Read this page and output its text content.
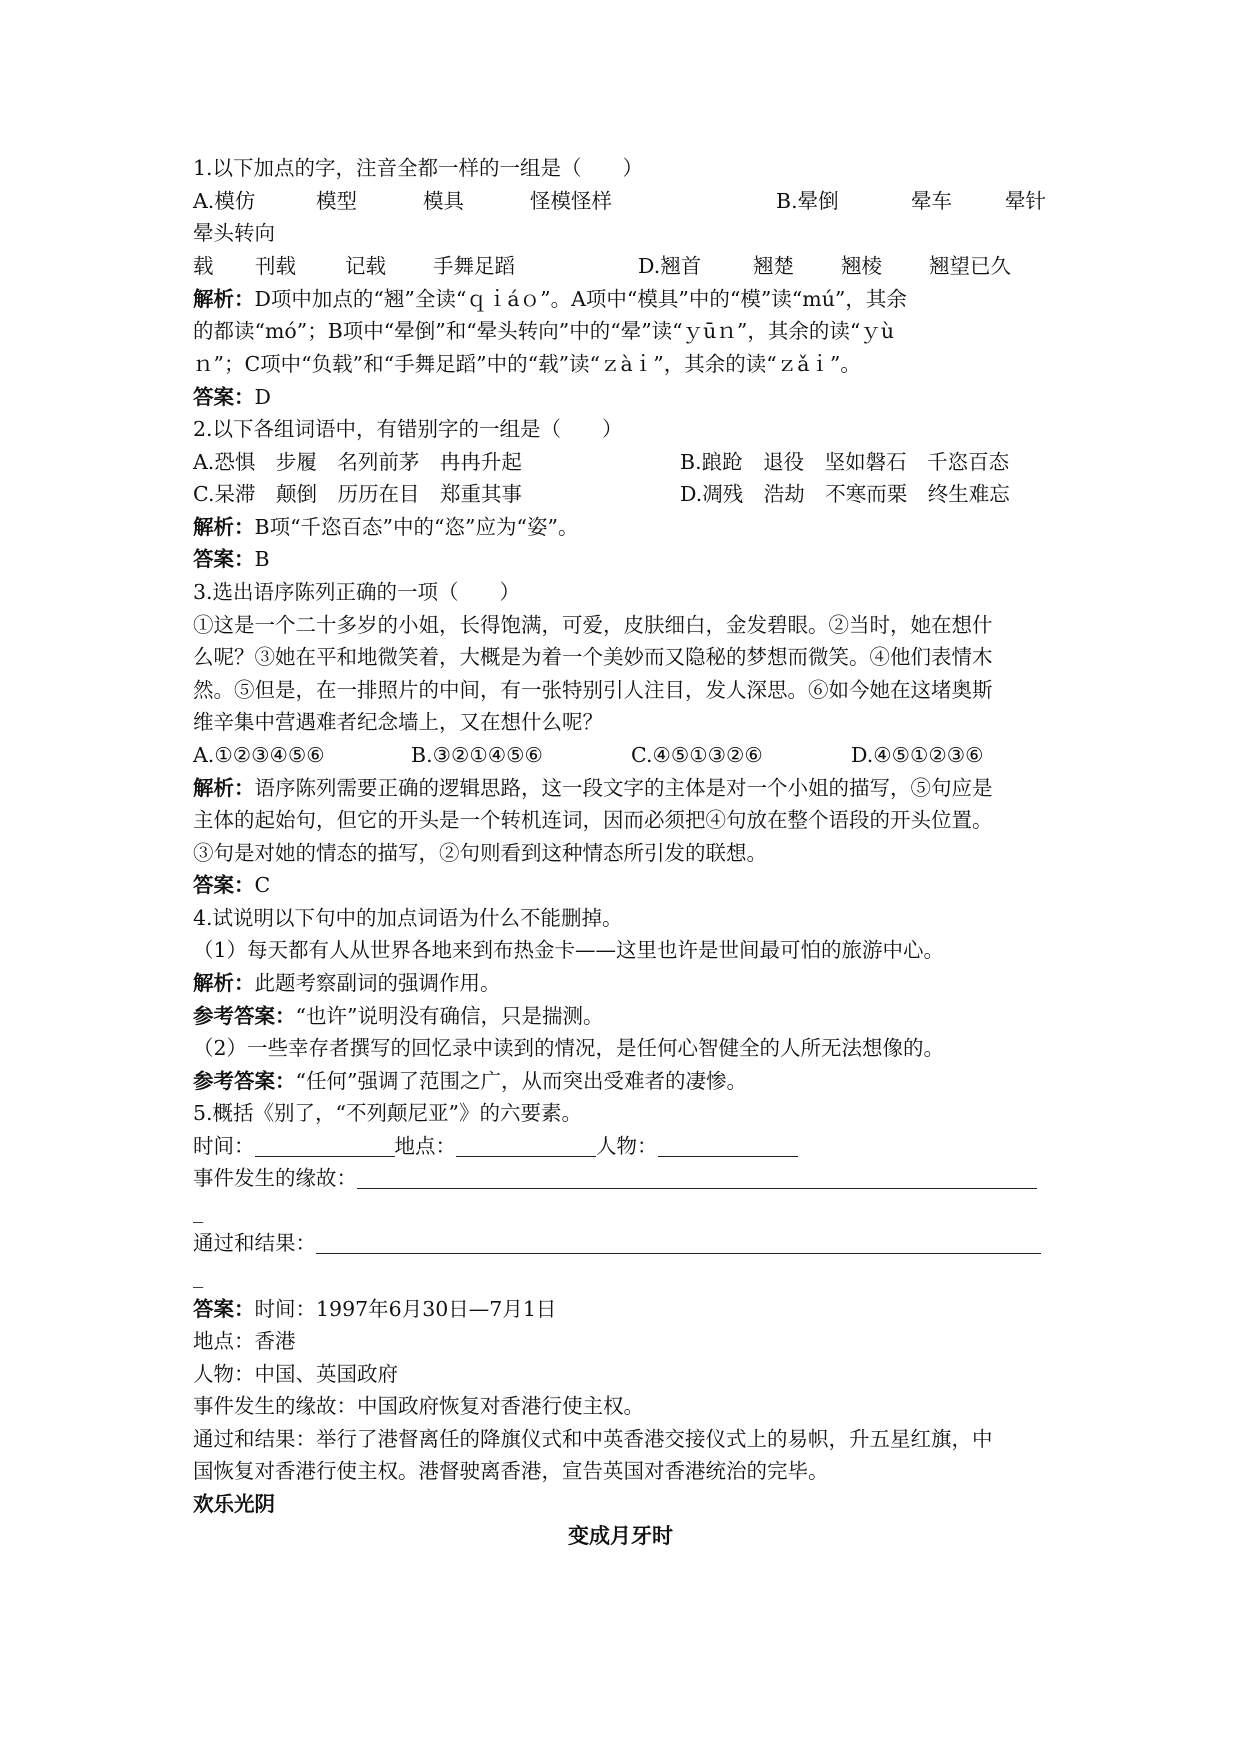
1.以下加点的字，注音全都一样的一组是（　　）
A.模仿	模型	模具	怪模怪样	B.晕倒	晕车	晕针
晕头转向
载 刊载 记载 手舞足蹈	D.翘首	翘楚 翘棱 翘望已久
解析：D项中加点的“翘”全读“ｑｉáｏ”。A项中“模具”中的“模”读“mú”，其余
的都读“mó”；B项中“晕倒”和“晕头转向”中的“晕”读“ｙūｎ”，其余的读“ｙù
ｎ”；C项中“负载”和“手舞足蹈”中的“载”读“ｚàｉ”，其余的读“ｚǎｉ”。
答案：D
2.以下各组词语中，有错别字的一组是（　　）
A.恐惧　步履　名列前茅　冉冉升起	B.踉跄　退役　坚如磐石　千恣百态
C.呆滞　颠倒　历历在目　郑重其事	D.凋残　浩劫　不寒而栗　终生难忘
解析：B项“千恣百态”中的“恣”应为“姿”。
答案：B
3.选出语序陈列正确的一项（　　）
①这是一个二十多岁的小姐，长得饱满，可爱，皮肤细白，金发碧眼。②当时，她在想什
么呢？③她在平和地微笑着，大概是为着一个美妙而又隐秘的梦想而微笑。④他们表情木
然。⑤但是，在一排照片的中间，有一张特别引人注目，发人深思。⑥如今她在这堵奥斯
维辛集中营遇难者纪念墙上，又在想什么呢？
A.①②③④⑤⑥	B.③②①④⑤⑥	C.④⑤①③②⑥	D.④⑤①②③⑥
解析：语序陈列需要正确的逻辑思路，这一段文字的主体是对一个小姐的描写，⑤句应是
主体的起始句，但它的开头是一个转机连词，因而必须把④句放在整个语段的开头位置。
③句是对她的情态的描写，②句则看到这种情态所引发的联想。
答案：C
4.试说明以下句中的加点词语为什么不能删掉。
（1）每天都有人从世界各地来到布热金卡——这里也许是世间最可怕的旅游中心。
解析：此题考察副词的强调作用。
参考答案：“也许”说明没有确信，只是揣测。
（2）一些幸存者撰写的回忆录中读到的情况，是任何心智健全的人所无法想像的。
参考答案：“任何”强调了范围之广，从而突出受难者的凄惨。
5.概括《别了，“不列颠尼亚”》的六要素。
时间：	地点：	人物：
事件发生的缘故：
_
通过和结果：
_
答案：时间：1997年6月30日—7月1日
地点：香港
人物：中国、英国政府
事件发生的缘故：中国政府恢复对香港行使主权。
通过和结果：举行了港督离任的降旗仪式和中英香港交接仪式上的易帜，升五星红旗，中
国恢复对香港行使主权。港督驶离香港，宣告英国对香港统治的完毕。
欢乐光阴
变成月牙时
